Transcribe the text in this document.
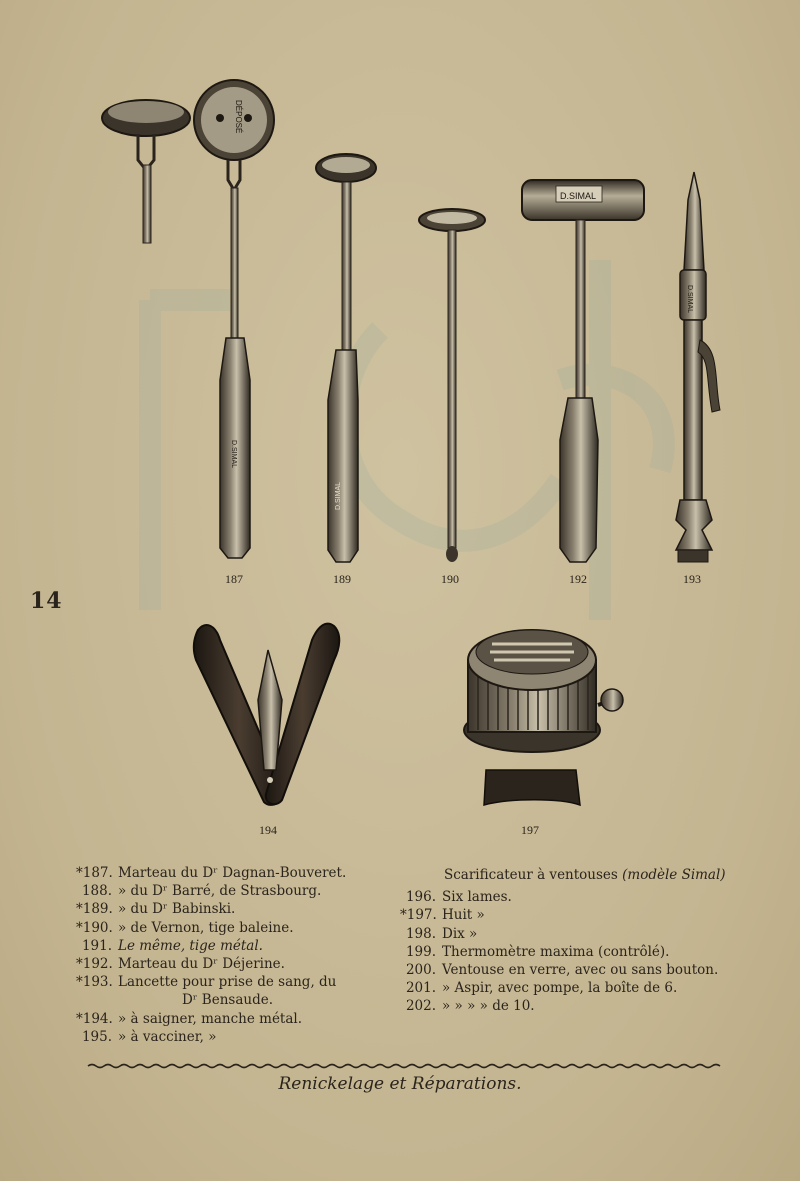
DÉPOSÉ
D.SIMAL
D.SIMAL
D.SIMAL
D.SIMAL
187	189	190	192	193
194	197
14
*187. Marteau du Dʳ Dagnan-Bouveret.
188. » du Dʳ Barré, de Strasbourg.
*189. » du Dʳ Babinski.
*190. » de Vernon, tige baleine.
191. Le même, tige métal.
*192. Marteau du Dʳ Déjerine.
*193. Lancette pour prise de sang, du
Dʳ Bensaude.
*194. » à saigner, manche métal.
195. » à vacciner, »
Scarificateur à ventouses
(modèle Simal)
196. Six lames.
*197. Huit »
198. Dix »
199. Thermomètre maxima (contrôlé).
200. Ventouse en verre, avec ou sans bouton.
201. » Aspir, avec pompe, la boîte de 6.
202. » » » » de 10.
Renickelage et Réparations.
